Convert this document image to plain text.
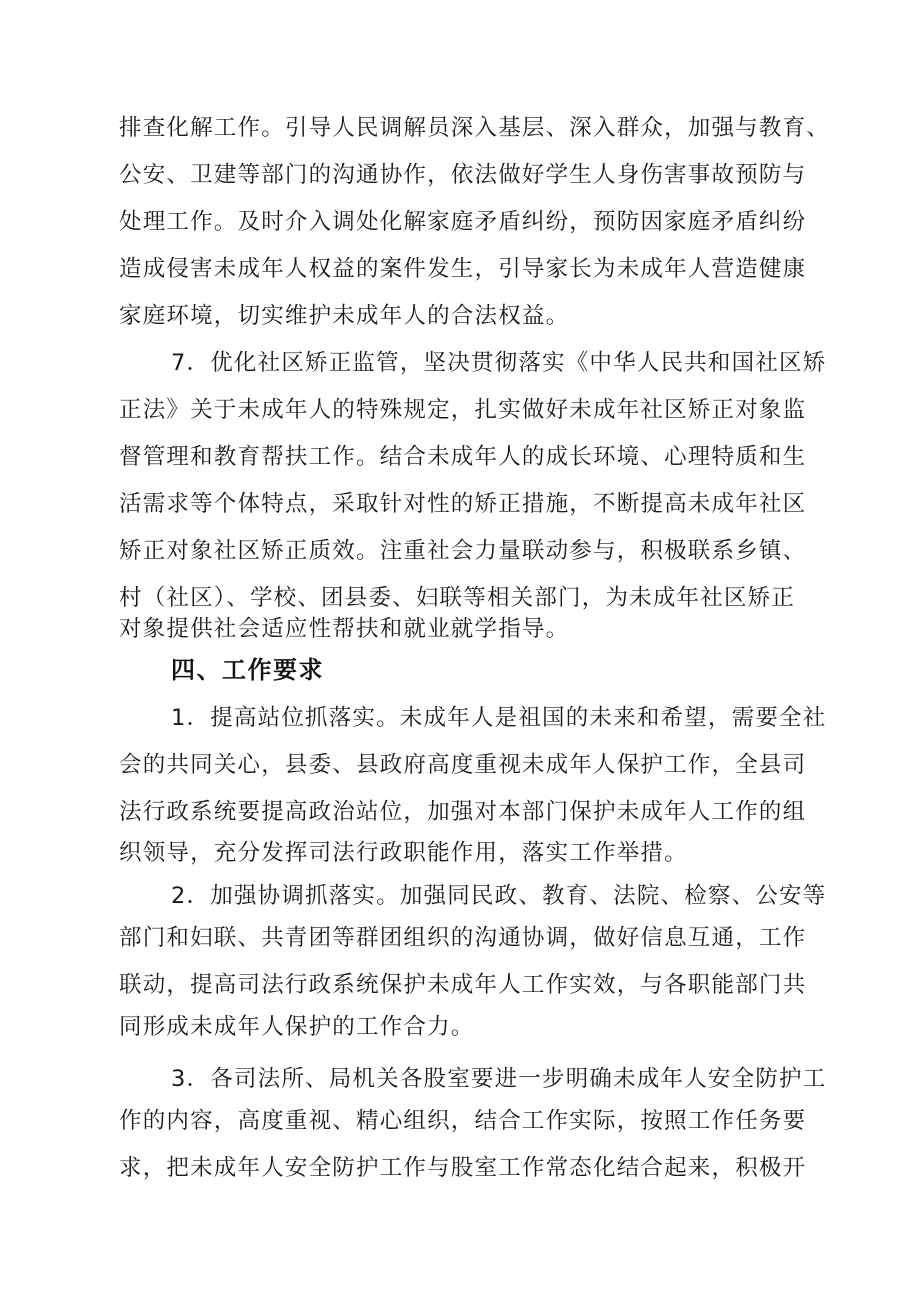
排查化解工作。引导人民调解员深入基层、深入群众，加强与教育、
公安、卫建等部门的沟通协作，依法做好学生人身伤害事故预防与
处理工作。及时介入调处化解家庭矛盾纠纷，预防因家庭矛盾纠纷
造成侵害未成年人权益的案件发生，引导家长为未成年人营造健康
家庭环境，切实维护未成年人的合法权益。
7．优化社区矫正监管，坚决贯彻落实《中华人民共和国社区矫
正法》关于未成年人的特殊规定，扎实做好未成年社区矫正对象监
督管理和教育帮扶工作。结合未成年人的成长环境、心理特质和生
活需求等个体特点，采取针对性的矫正措施，不断提高未成年社区
矫正对象社区矫正质效。注重社会力量联动参与，积极联系乡镇、
村（社区）、学校、团县委、妇联等相关部门，为未成年社区矫正
对象提供社会适应性帮扶和就业就学指导。
四、工作要求
1．提高站位抓落实。未成年人是祖国的未来和希望，需要全社
会的共同关心，县委、县政府高度重视未成年人保护工作，全县司
法行政系统要提高政治站位，加强对本部门保护未成年人工作的组
织领导，充分发挥司法行政职能作用，落实工作举措。
2．加强协调抓落实。加强同民政、教育、法院、检察、公安等
部门和妇联、共青团等群团组织的沟通协调，做好信息互通，工作
联动，提高司法行政系统保护未成年人工作实效，与各职能部门共
同形成未成年人保护的工作合力。
3．各司法所、局机关各股室要进一步明确未成年人安全防护工
作的内容，高度重视、精心组织，结合工作实际，按照工作任务要
求，把未成年人安全防护工作与股室工作常态化结合起来，积极开
